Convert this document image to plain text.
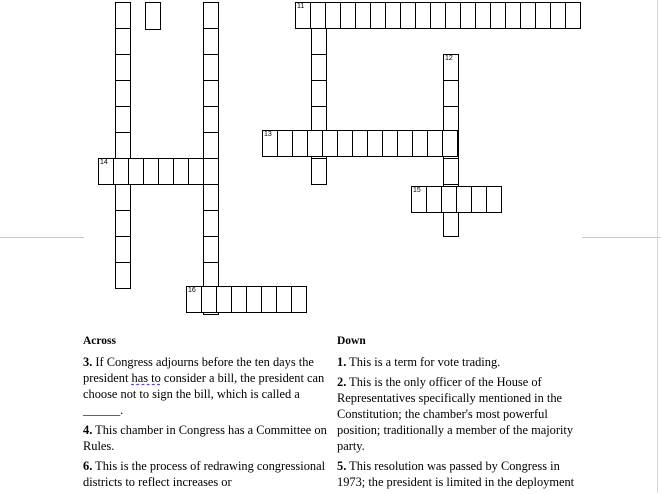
11
12
13
14
15
16
Across
3. If Congress adjourns before the ten days the president has to consider a bill, the president can choose not to sign the bill, which is called a ______.
4. This chamber in Congress has a Committee on Rules.
6. This is the process of redrawing congressional districts to reflect increases or
Down
1. This is a term for vote trading.
2. This is the only officer of the House of Representatives specifically mentioned in the Constitution; the chamber's most powerful position; traditionally a member of the majority party.
5. This resolution was passed by Congress in 1973; the president is limited in the deployment
